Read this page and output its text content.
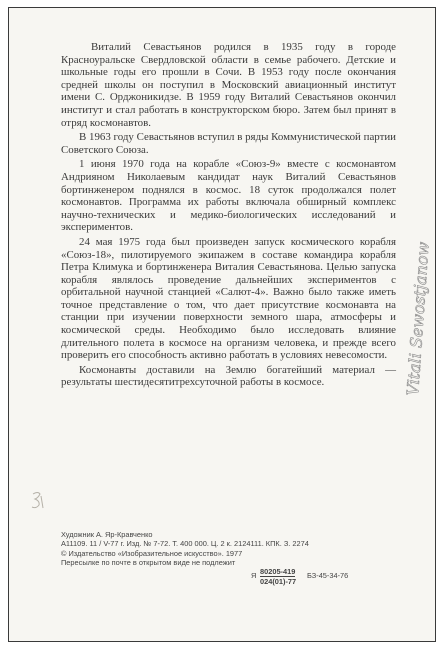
Виталий Севастьянов родился в 1935 году в городе Красноуральске Свердловской области в семье рабочего. Детские и школьные годы его прошли в Сочи. В 1953 году после окончания средней школы он поступил в Московский авиационный институт имени С. Орджоникидзе. В 1959 году Виталий Севастьянов окончил институт и стал работать в конструкторском бюро. Затем был принят в отряд космонавтов.

В 1963 году Севастьянов вступил в ряды Коммунистической партии Советского Союза.

1 июня 1970 года на корабле «Союз-9» вместе с космонавтом Андрияном Николаевым кандидат наук Виталий Севастьянов бортинженером поднялся в космос. 18 суток продолжался полет космонавтов. Программа их работы включала обширный комплекс научно-технических и медико-биологических исследований и экспериментов.

24 мая 1975 года был произведен запуск космического корабля «Союз-18», пилотируемого экипажем в составе командира корабля Петра Климука и бортинженера Виталия Севастьянова. Целью запуска корабля являлось проведение дальнейших экспериментов с орбитальной научной станцией «Салют-4». Важно было также иметь точное представление о том, что дает присутствие космонавта на станции при изучении поверхности земного шара, атмосферы и космической среды. Необходимо было исследовать влияние длительного полета в космосе на организм человека, и прежде всего проверить его способность активно работать в условиях невесомости.

Космонавты доставили на Землю богатейший материал — результаты шестидесятитрехсуточной работы в космосе.

Художник А. Яр-Кравченко
А11109. 11 / V-77 г. Изд. № 7-72. Т. 400 000. Ц. 2 к. 2124111. КПК. З. 2274
© Издательство «Изобразительное искусство». 1977
Пересылке по почте в открытом виде не подлежит
Я 80205-419
024(01)-77
БЗ-45-34-76
Vitali Sewostjanow
